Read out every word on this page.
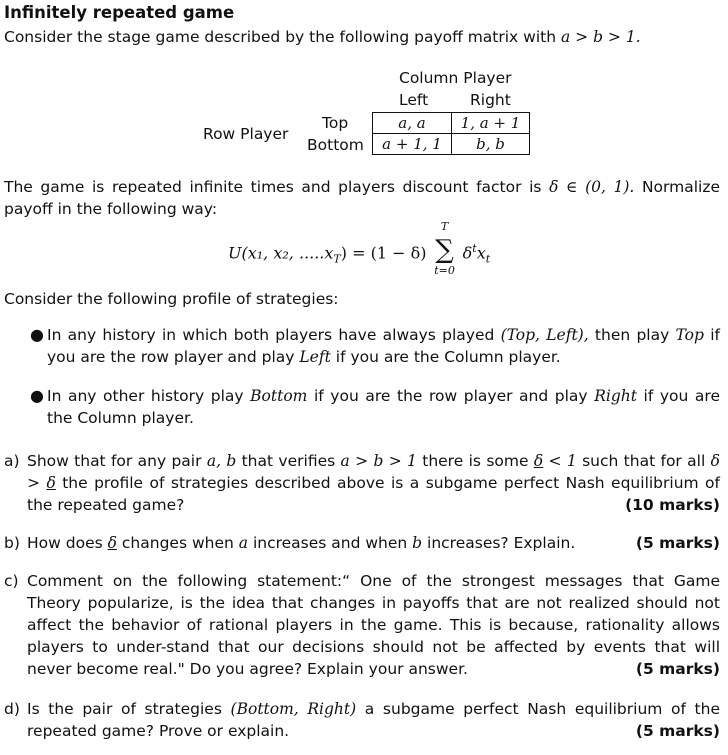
Infinitely repeated game
Consider the stage game described by the following payoff matrix with a > b > 1.
Column Player
Left	Right
Row Player
Top
Bottom
a, a	1, a + 1
a + 1, 1	b, b
The game is repeated infinite times and players discount factor is δ ∈ (0, 1). Normalize payoff in the following way:
U(x₁, x₂, $.....x_T) = (1 - \delta)$
T
∑
t=0
$\delta^tx_t$
Consider the following profile of strategies:
● In any history in which both players have always played (Top, Left), then play Top if you are the row player and play Left if you are the Column player.
● In any other history play Bottom if you are the row player and play Right if you are the Column player.
a) Show that for any pair a, b that verifies a > b > 1 there is some δ < 1 such that for all δ > δ the profile of strategies described above is a subgame perfect Nash equilibrium of the repeated game?	(10 marks)
b)	(5 marks)
How does δ changes when a increases and when b increases? Explain.
c) Comment on the following statement:“ One of the strongest messages that Game Theory popularize, is the idea that changes in payoffs that are not realized should not affect the behavior of rational players in the game. This is because, rationality allows players to under-stand that our decisions should not be affected by events that will never become real." Do you agree? Explain your answer.	(5 marks)
d) Is the pair of strategies (Bottom, Right) a subgame perfect Nash equilibrium of the repeated game? Prove or explain.	(5 marks)
